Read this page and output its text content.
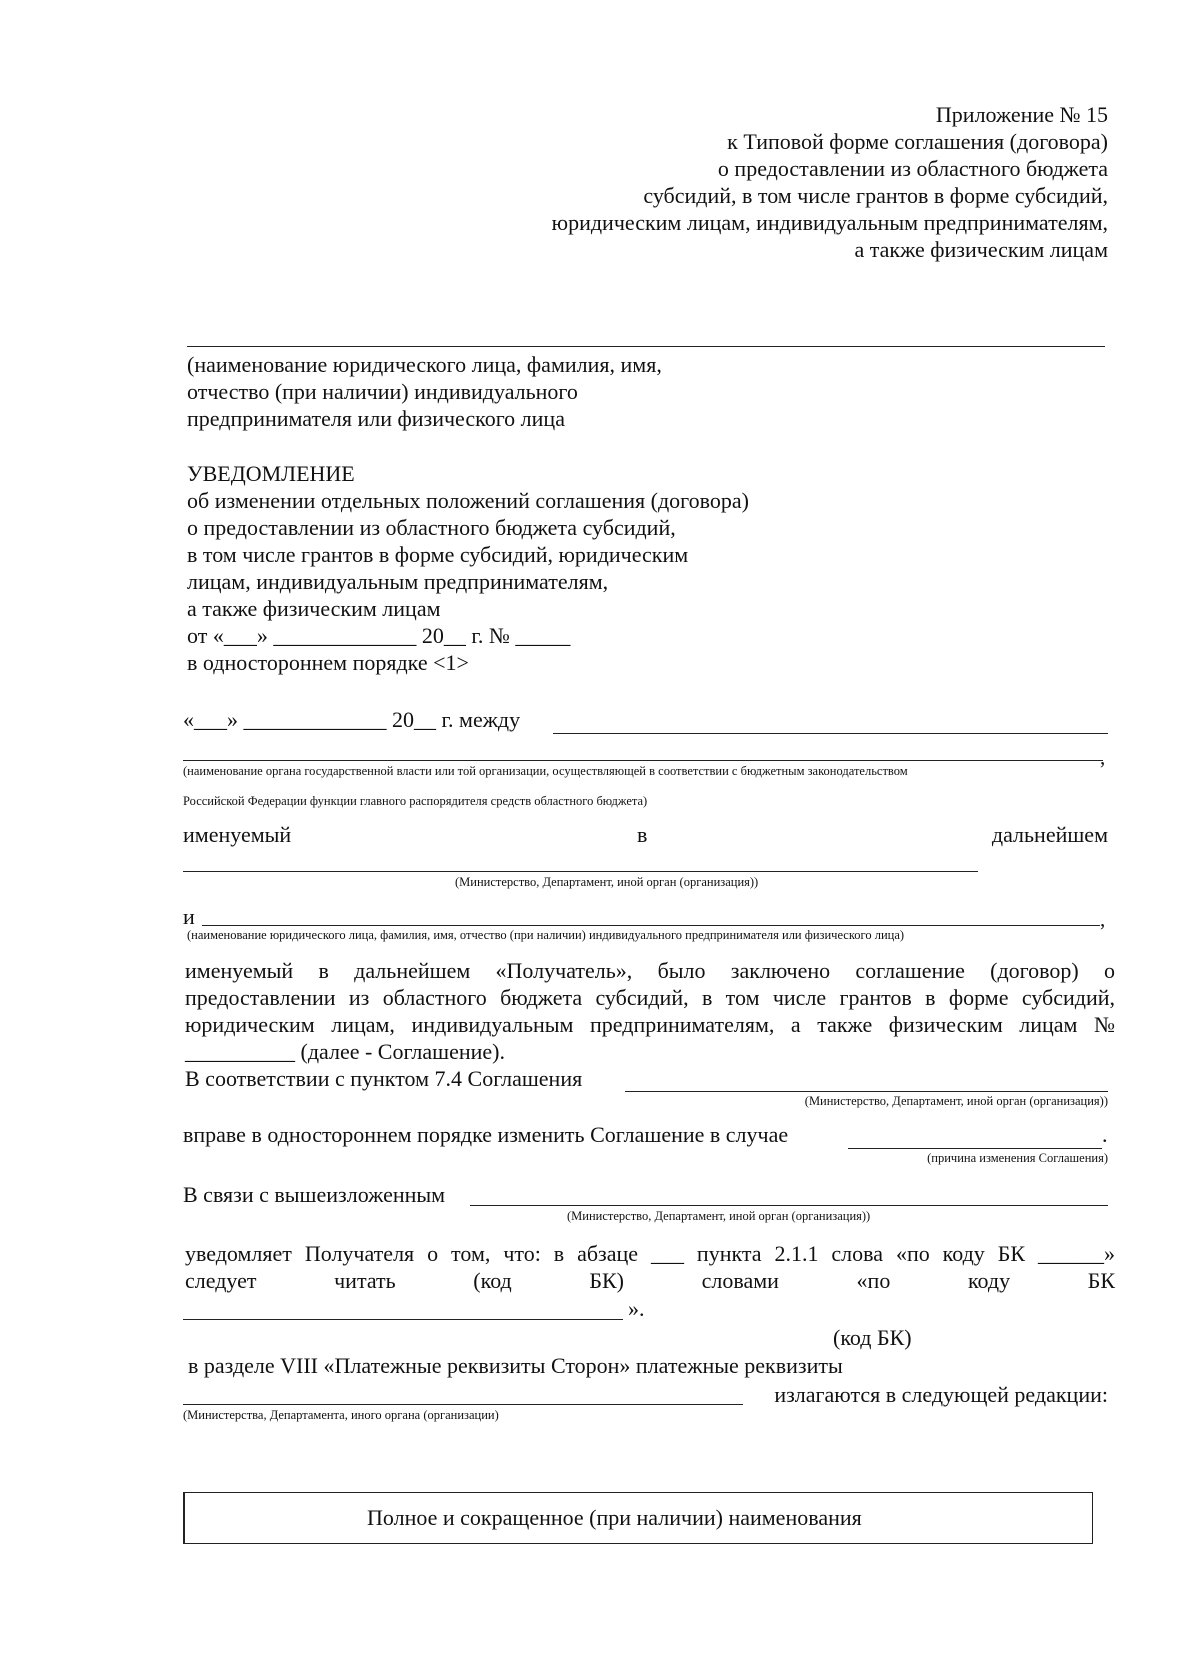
Приложение № 15
к Типовой форме соглашения (договора)
о предоставлении из областного бюджета
субсидий, в том числе грантов в форме субсидий,
юридическим лицам, индивидуальным предпринимателям,
а также физическим лицам
(наименование юридического лица, фамилия, имя,
отчество (при наличии) индивидуального
предпринимателя или физического лица
УВЕДОМЛЕНИЕ
об изменении отдельных положений соглашения (договора)
о предоставлении из областного бюджета субсидий,
в том числе грантов в форме субсидий, юридическим
лицам, индивидуальным предпринимателям,
а также физическим лицам
от «___» _____________ 20__ г. № _____
в одностороннем порядке <1>
«___» _____________ 20__ г. между
,
(наименование органа государственной власти или той организации, осуществляющей в соответствии с бюджетным законодательством
Российской Федерации функции главного распорядителя средств областного бюджета)
именуемый	в	дальнейшем
(Министерство, Департамент, иной орган (организация))
и	,
(наименование юридического лица, фамилия, имя, отчество (при наличии) индивидуального предпринимателя или физического лица)
именуемый в дальнейшем «Получатель», было заключено соглашение (договор) о
предоставлении из областного бюджета субсидий, в том числе грантов в форме субсидий,
юридическим лицам, индивидуальным предпринимателям, а также физическим лицам №
__________ (далее - Соглашение).
В соответствии с пунктом 7.4 Соглашения
(Министерство, Департамент, иной орган (организация))
вправе в одностороннем порядке изменить Соглашение в случае	.
(причина изменения Соглашения)
В связи с вышеизложенным
(Министерство, Департамент, иной орган (организация))
уведомляет Получателя о том, что: в абзаце ___ пункта 2.1.1 слова «по коду БК ______»
следует	читать	(код	БК)	словами	«по	коду	БК
».
(код БК)
в разделе VIII «Платежные реквизиты Сторон» платежные реквизиты
излагаются в следующей редакции:
(Министерства, Департамента, иного органа (организации)
Полное и сокращенное (при наличии) наименования
